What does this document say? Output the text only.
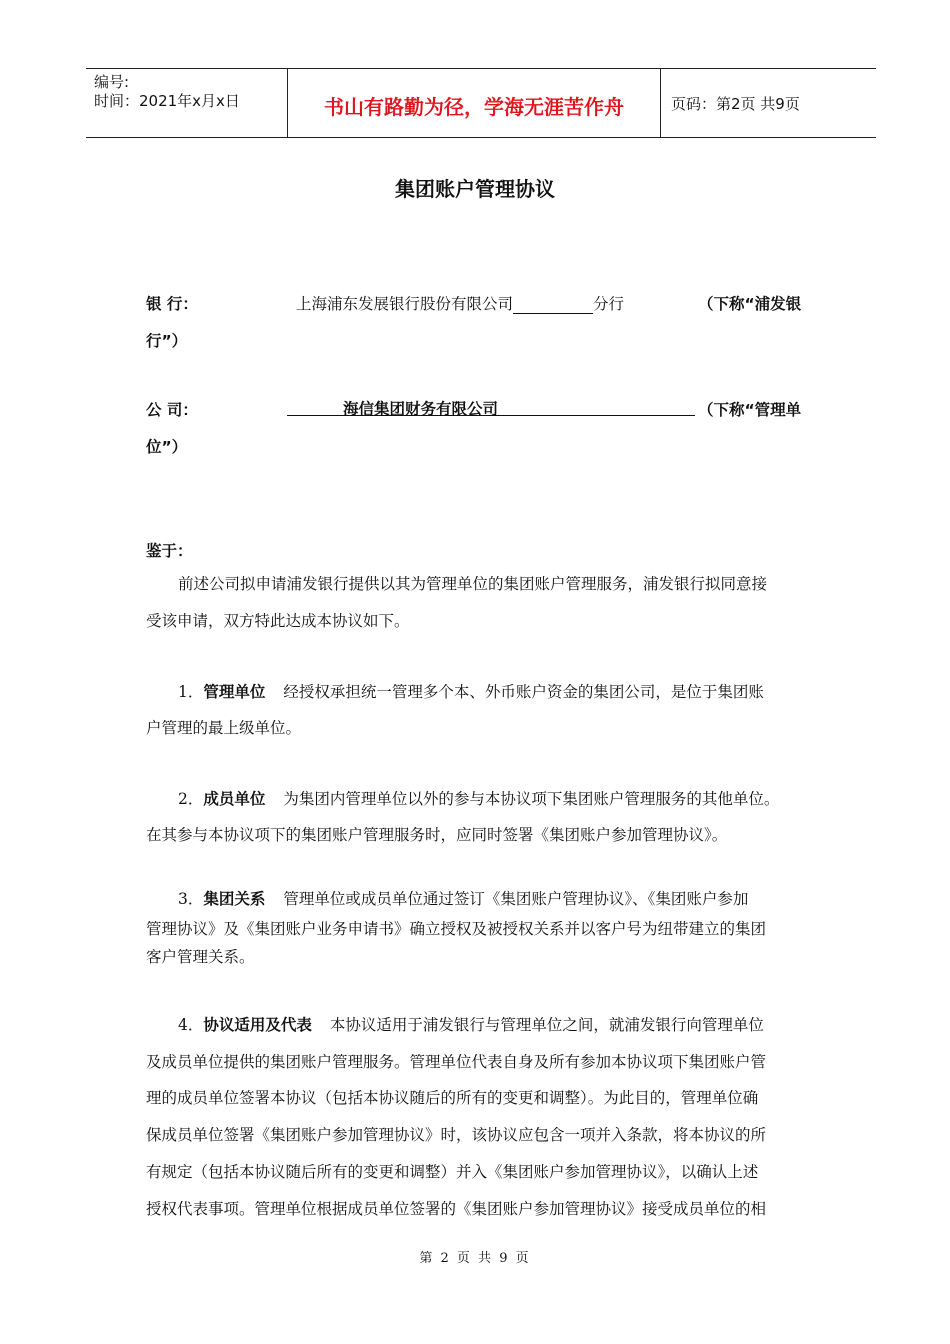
编号:
时间：2021年x月x日	书山有路勤为径，学海无涯苦作舟	页码：第2页 共9页
集团账户管理协议
银 行：	上海浦东发展银行股份有限公司	分行	（下称“浦发银
行”）
公 司：	海信集团财务有限公司	（下称“管理单
位”）
鉴于：
前述公司拟申请浦发银行提供以其为管理单位的集团账户管理服务，浦发银行拟同意接
受该申请，双方特此达成本协议如下。
1．管理单位 经授权承担统一管理多个本、外币账户资金的集团公司，是位于集团账
户管理的最上级单位。
2．成员单位 为集团内管理单位以外的参与本协议项下集团账户管理服务的其他单位。
在其参与本协议项下的集团账户管理服务时，应同时签署《集团账户参加管理协议》。
3．集团关系 管理单位或成员单位通过签订《集团账户管理协议》、《集团账户参加
管理协议》及《集团账户业务申请书》确立授权及被授权关系并以客户号为纽带建立的集团
客户管理关系。
4．协议适用及代表 本协议适用于浦发银行与管理单位之间，就浦发银行向管理单位
及成员单位提供的集团账户管理服务。管理单位代表自身及所有参加本协议项下集团账户管
理的成员单位签署本协议（包括本协议随后的所有的变更和调整）。为此目的，管理单位确
保成员单位签署《集团账户参加管理协议》时，该协议应包含一项并入条款，将本协议的所
有规定（包括本协议随后所有的变更和调整）并入《集团账户参加管理协议》，以确认上述
授权代表事项。管理单位根据成员单位签署的《集团账户参加管理协议》接受成员单位的相
第 2 页 共 9 页
